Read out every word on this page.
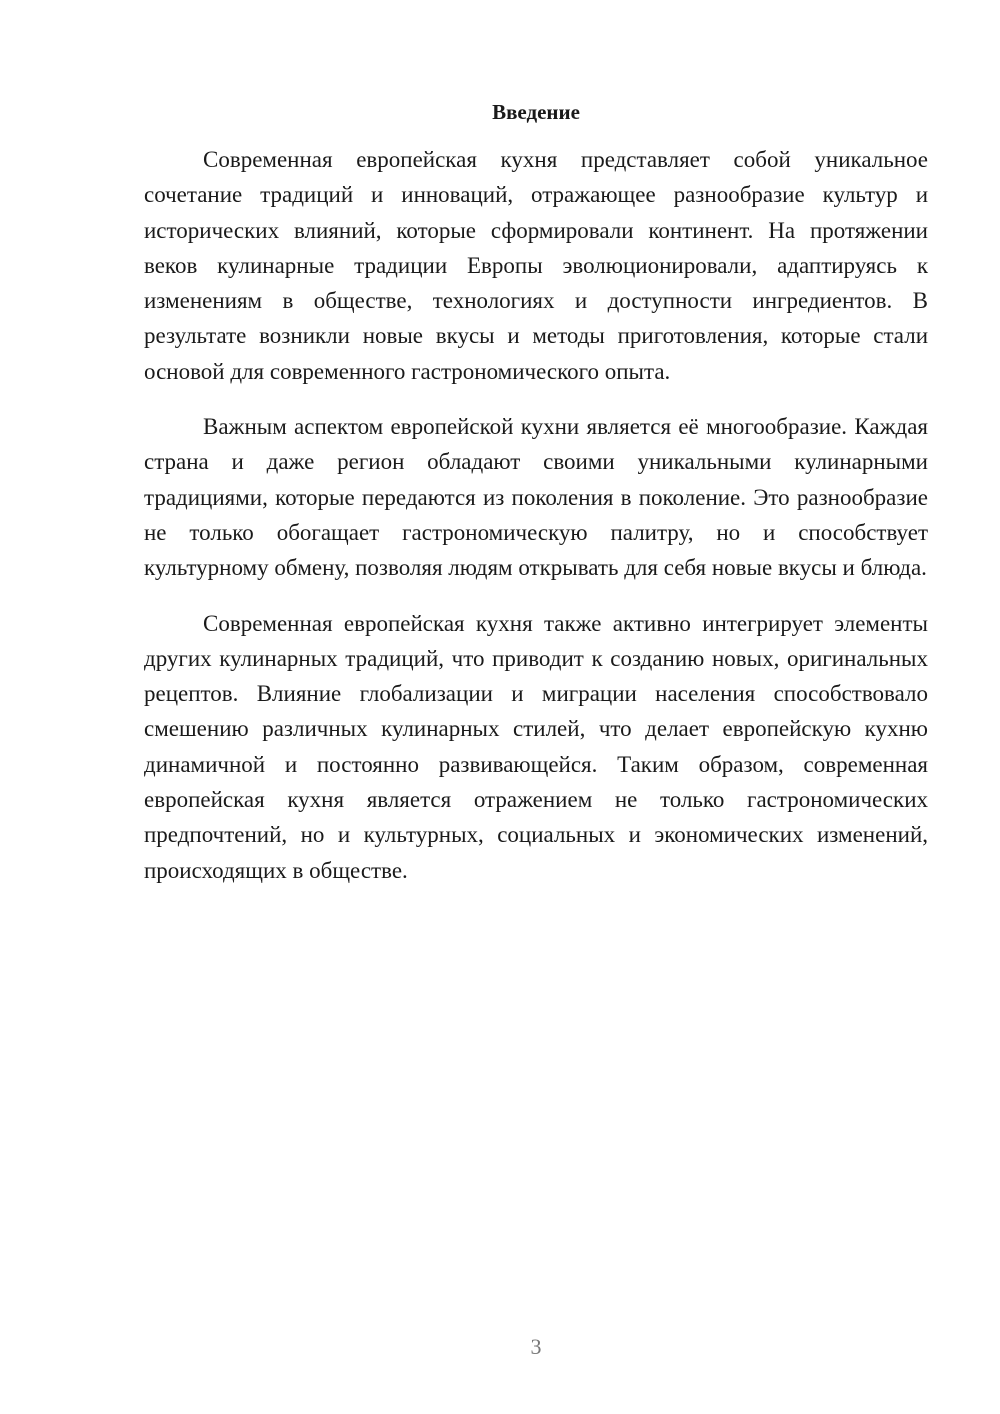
Введение

Современная европейская кухня представляет собой уникальное сочетание традиций и инноваций, отражающее разнообразие культур и исторических влияний, которые сформировали континент. На протяжении веков кулинарные традиции Европы эволюционировали, адаптируясь к изменениям в обществе, технологиях и доступности ингредиентов. В результате возникли новые вкусы и методы приготовления, которые стали основой для современного гастрономического опыта.

Важным аспектом европейской кухни является её многообразие. Каждая страна и даже регион обладают своими уникальными кулинарными традициями, которые передаются из поколения в поколение. Это разнообразие не только обогащает гастрономическую палитру, но и способствует культурному обмену, позволяя людям открывать для себя новые вкусы и блюда.

Современная европейская кухня также активно интегрирует элементы других кулинарных традиций, что приводит к созданию новых, оригинальных рецептов. Влияние глобализации и миграции населения способствовало смешению различных кулинарных стилей, что делает европейскую кухню динамичной и постоянно развивающейся. Таким образом, современная европейская кухня является отражением не только гастрономических предпочтений, но и культурных, социальных и экономических изменений, происходящих в обществе.

3
